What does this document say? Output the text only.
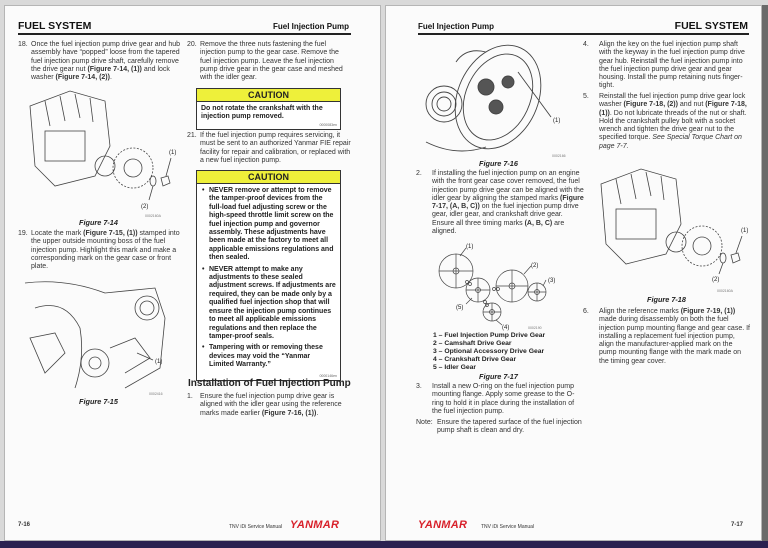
FUEL SYSTEM	Fuel Injection Pump
18. Once the fuel injection pump drive gear and hub assembly have “popped” loose from the tapered fuel injection pump drive shaft, carefully remove the drive gear nut (Figure 7-14, (1)) and lock washer (Figure 7-14, (2)).
(1)
(2)
0002160A
Figure 7-14
19. Locate the mark (Figure 7-15, (1)) stamped into the upper outside mounting boss of the fuel injection pump. Highlight this mark and make a corresponding mark on the gear case or front plate.
(1)
0002416
Figure 7-15
20. Remove the three nuts fastening the fuel injection pump to the gear case. Remove the fuel injection pump. Leave the fuel injection pump drive gear in the gear case and meshed with the idler gear.
CAUTION
Do not rotate the crankshaft with the injection pump removed.
0000083en
21. If the fuel injection pump requires servicing, it must be sent to an authorized Yanmar FIE repair facility for repair and calibration, or replaced with a new fuel injection pump.
CAUTION
• NEVER remove or attempt to remove the tamper-proof devices from the full-load fuel adjusting screw or the high-speed throttle limit screw on the fuel injection pump and governor assembly. These adjustments have been made at the factory to meet all applicable emissions regulations and then sealed.
• NEVER attempt to make any adjustments to these sealed adjustment screws. If adjustments are required, they can be made only by a qualified fuel injection shop that will ensure the injection pump continues to meet all applicable emissions regulations and then replace the tamper-proof seals.
• Tampering with or removing these devices may void the “Yanmar Limited Warranty.”
0000146en
Installation of Fuel Injection Pump
1.	Ensure the fuel injection pump drive gear is aligned with the idler gear using the reference marks made earlier (Figure 7-16, (1)).
7-16	TNV iDi Service Manual YANMAR
Fuel Injection Pump	FUEL SYSTEM
(1)
0002166
Figure 7-16
2.	If installing the fuel injection pump on an engine with the front gear case cover removed, the fuel injection pump drive gear can be aligned with the idler gear by aligning the stamped marks (Figure 7-17, (A, B, C)) on the fuel injection pump drive gear, idler gear, and crankshaft drive gear. Ensure all three timing marks (A, B, C) are aligned.
(1)
(2)
(3)
(4)
(5)
0002190
1 – Fuel Injection Pump Drive Gear
2 – Camshaft Drive Gear
3 – Optional Accessory Drive Gear
4 – Crankshaft Drive Gear
5 – Idler Gear
Figure 7-17
3.	Install a new O-ring on the fuel injection pump mounting flange. Apply some grease to the O-ring to hold it in place during the installation of the fuel injection pump.
Note: Ensure the tapered surface of the fuel injection pump shaft is clean and dry.
4.	Align the key on the fuel injection pump shaft with the keyway in the fuel injection pump drive gear hub. Reinstall the fuel injection pump into the fuel injection pump drive gear and gear housing. Install the pump retaining nuts finger-tight.
5.	Reinstall the fuel injection pump drive gear lock washer (Figure 7-18, (2)) and nut (Figure 7-18, (1)). Do not lubricate threads of the nut or shaft. Hold the crankshaft pulley bolt with a socket wrench and tighten the drive gear nut to the specified torque. See Special Torque Chart on page 7-7.
(1)
(2)
0002160A
Figure 7-18
6.	Align the reference marks (Figure 7-19, (1)) made during disassembly on both the fuel injection pump mounting flange and gear case. If installing a replacement fuel injection pump, align the manufacturer-applied mark on the pump mounting flange with the mark made on the timing gear cover.
YANMAR	TNV iDi Service Manual	7-17
